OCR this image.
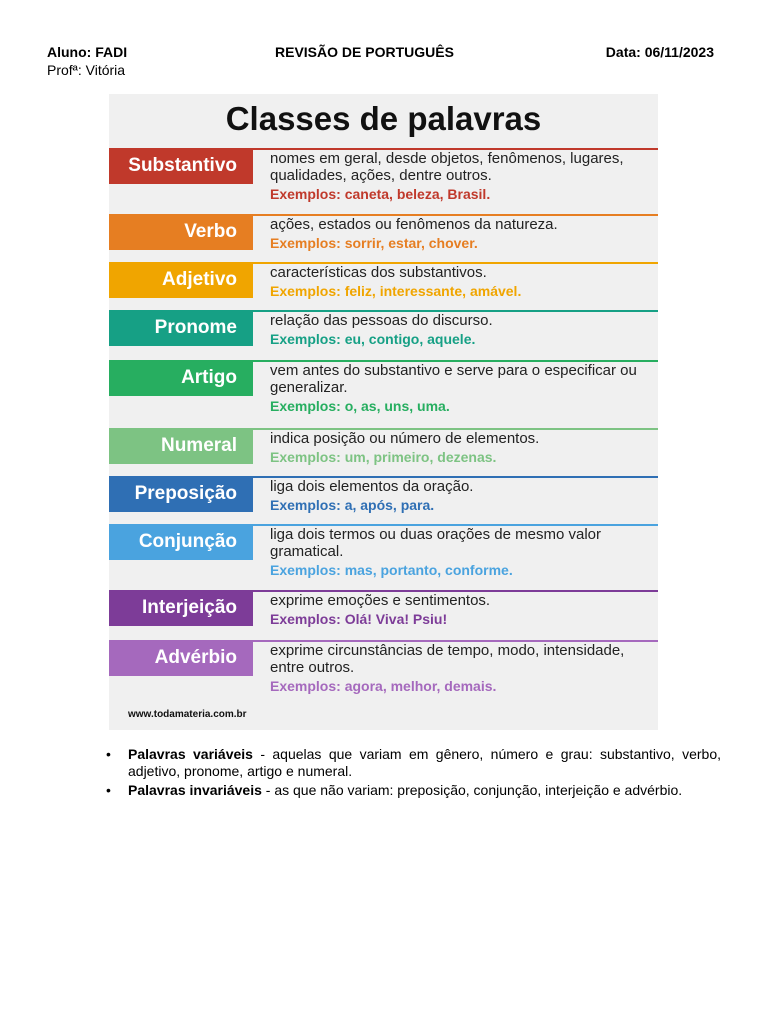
Aluno: FADI	REVISÃO DE PORTUGUÊS	Data: 06/11/2023
Profª: Vitória
Classes de palavras
Substantivo	nomes em geral, desde objetos, fenômenos, lugares, qualidades, ações, dentre outros.
Exemplos: caneta, beleza, Brasil.
Verbo	ações, estados ou fenômenos da natureza.
Exemplos: sorrir, estar, chover.
Adjetivo	características dos substantivos.
Exemplos: feliz, interessante, amável.
Pronome	relação das pessoas do discurso.
Exemplos: eu, contigo, aquele.
Artigo	vem antes do substantivo e serve para o especificar ou generalizar.
Exemplos: o, as, uns, uma.
Numeral	indica posição ou número de elementos.
Exemplos: um, primeiro, dezenas.
Preposição	liga dois elementos da oração.
Exemplos: a, após, para.
Conjunção	liga dois termos ou duas orações de mesmo valor gramatical.
Exemplos: mas, portanto, conforme.
Interjeição	exprime emoções e sentimentos.
Exemplos: Olá! Viva! Psiu!
Advérbio	exprime circunstâncias de tempo, modo, intensidade, entre outros.
Exemplos: agora, melhor, demais.
www.todamateria.com.br
• Palavras variáveis - aquelas que variam em gênero, número e grau: substantivo, verbo, adjetivo, pronome, artigo e numeral.
• Palavras invariáveis - as que não variam: preposição, conjunção, interjeição e advérbio.
